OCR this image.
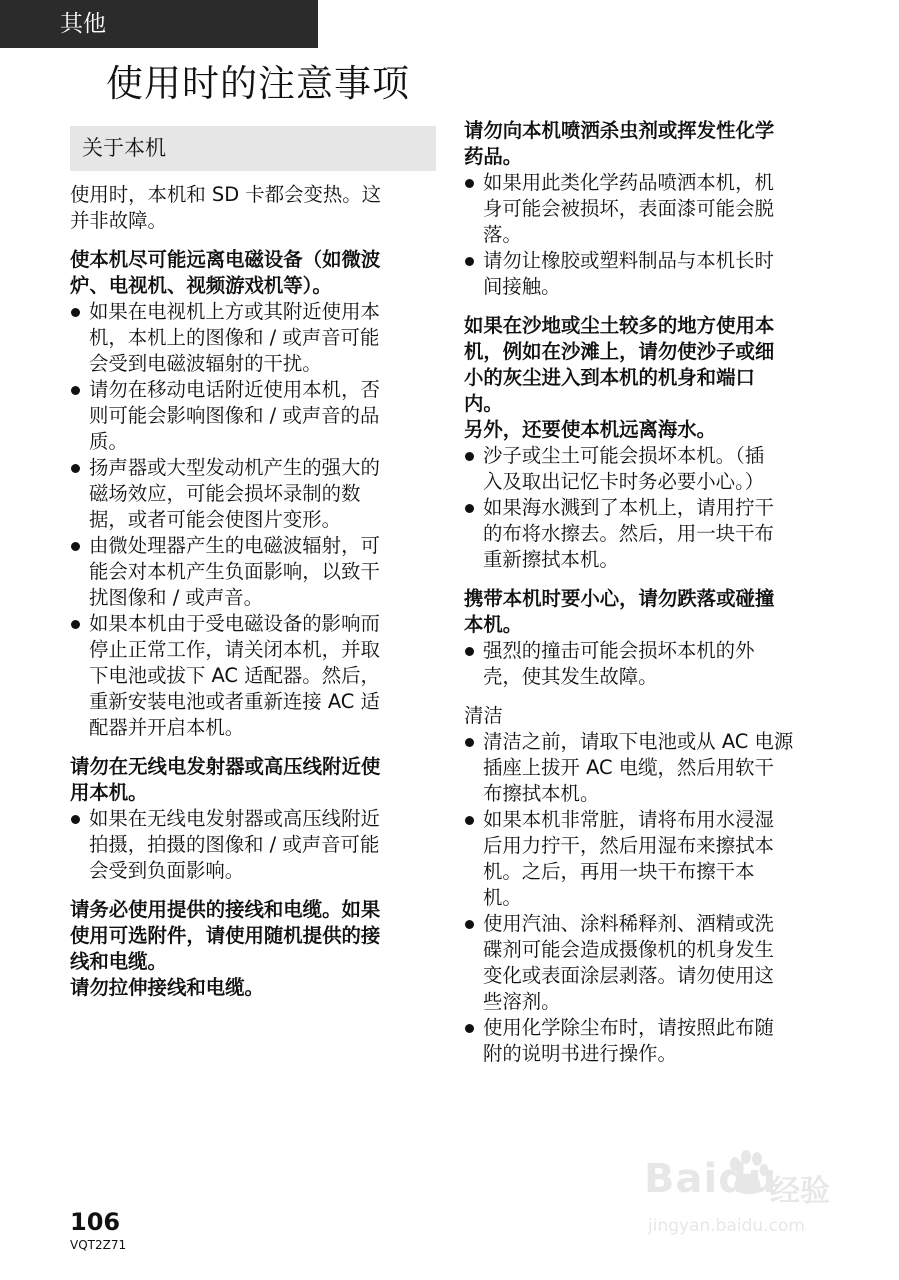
其他
使用时的注意事项
关于本机

使用时，本机和 SD 卡都会变热。这

并非故障。

使本机尽可能远离电磁设备（如微波

炉、电视机、视频游戏机等）。

如果在电视机上方或其附近使用本

机，本机上的图像和 / 或声音可能

会受到电磁波辐射的干扰。

请勿在移动电话附近使用本机，否

则可能会影响图像和 / 或声音的品

质。

扬声器或大型发动机产生的强大的

磁场效应，可能会损坏录制的数

据，或者可能会使图片变形。

由微处理器产生的电磁波辐射，可

能会对本机产生负面影响，以致干

扰图像和 / 或声音。

如果本机由于受电磁设备的影响而

停止正常工作，请关闭本机，并取

下电池或拔下 AC 适配器。然后，

重新安装电池或者重新连接 AC 适

配器并开启本机。

请勿在无线电发射器或高压线附近使

用本机。

如果在无线电发射器或高压线附近

拍摄，拍摄的图像和 / 或声音可能

会受到负面影响。

请务必使用提供的接线和电缆。如果

使用可选附件，请使用随机提供的接

线和电缆。

请勿拉伸接线和电缆。

请勿向本机喷洒杀虫剂或挥发性化学

药品。

如果用此类化学药品喷洒本机，机

身可能会被损坏，表面漆可能会脱

落。

请勿让橡胶或塑料制品与本机长时

间接触。

如果在沙地或尘土较多的地方使用本

机，例如在沙滩上，请勿使沙子或细

小的灰尘进入到本机的机身和端口

内。

另外，还要使本机远离海水。

沙子或尘土可能会损坏本机。（插

入及取出记忆卡时务必要小心。）

如果海水溅到了本机上，请用拧干

的布将水擦去。然后，用一块干布

重新擦拭本机。

携带本机时要小心，请勿跌落或碰撞

本机。

强烈的撞击可能会损坏本机的外

壳，使其发生故障。

清洁

清洁之前，请取下电池或从 AC 电源

插座上拔开 AC 电缆，然后用软干

布擦拭本机。

如果本机非常脏，请将布用水浸湿

后用力拧干，然后用湿布来擦拭本

机。之后，再用一块干布擦干本

机。

使用汽油、涂料稀释剂、酒精或洗

碟剂可能会造成摄像机的机身发生

变化或表面涂层剥落。请勿使用这

些溶剂。

使用化学除尘布时，请按照此布随

附的说明书进行操作。

106

VQT2Z71

Baidu
经验
jingyan.baidu.com
